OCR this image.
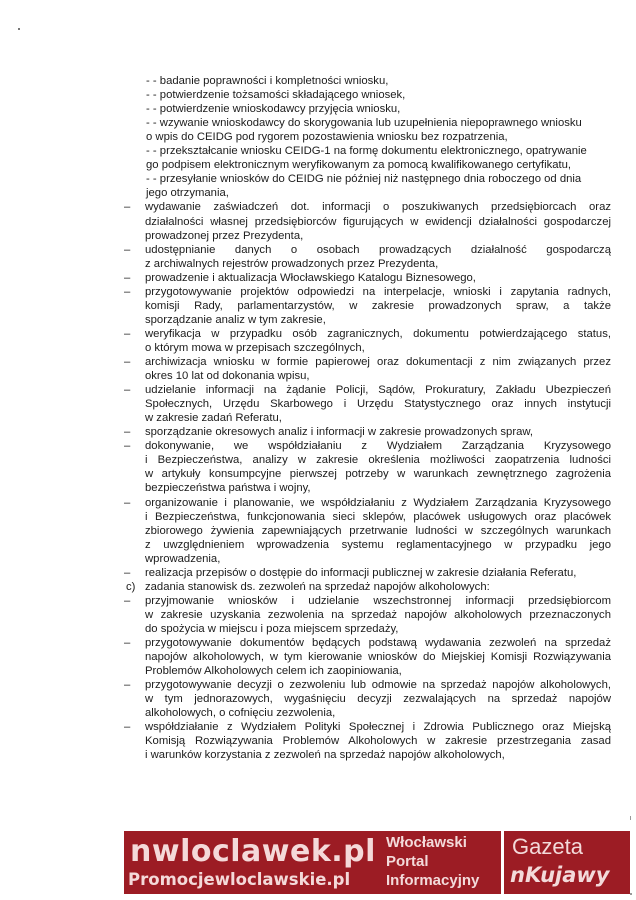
- - badanie poprawności i kompletności wniosku,
- - potwierdzenie tożsamości składającego wniosek,
- - potwierdzenie wnioskodawcy przyjęcia wniosku,
- - wzywanie wnioskodawcy do skorygowania lub uzupełnienia niepoprawnego wniosku
o wpis do CEIDG pod rygorem pozostawienia wniosku bez rozpatrzenia,
- - przekształcanie wniosku CEIDG-1 na formę dokumentu elektronicznego, opatrywanie
go podpisem elektronicznym weryfikowanym za pomocą kwalifikowanego certyfikatu,
- - przesyłanie wniosków do CEIDG nie później niż następnego dnia roboczego od dnia
jego otrzymania,
– wydawanie zaświadczeń dot. informacji o poszukiwanych przedsiębiorcach oraz
działalności własnej przedsiębiorców figurujących w ewidencji działalności gospodarczej
prowadzonej przez Prezydenta,
– udostępnianie danych o osobach prowadzących działalność gospodarczą
z archiwalnych rejestrów prowadzonych przez Prezydenta,
– prowadzenie i aktualizacja Włocławskiego Katalogu Biznesowego,
– przygotowywanie projektów odpowiedzi na interpelacje, wnioski i zapytania radnych,
komisji Rady, parlamentarzystów, w zakresie prowadzonych spraw, a także
sporządzanie analiz w tym zakresie,
– weryfikacja w przypadku osób zagranicznych, dokumentu potwierdzającego status,
o którym mowa w przepisach szczególnych,
– archiwizacja wniosku w formie papierowej oraz dokumentacji z nim związanych przez
okres 10 lat od dokonania wpisu,
– udzielanie informacji na żądanie Policji, Sądów, Prokuratury, Zakładu Ubezpieczeń
Społecznych, Urzędu Skarbowego i Urzędu Statystycznego oraz innych instytucji
w zakresie zadań Referatu,
– sporządzanie okresowych analiz i informacji w zakresie prowadzonych spraw,
– dokonywanie, we współdziałaniu z Wydziałem Zarządzania Kryzysowego
i Bezpieczeństwa, analizy w zakresie określenia możliwości zaopatrzenia ludności
w artykuły konsumpcyjne pierwszej potrzeby w warunkach zewnętrznego zagrożenia
bezpieczeństwa państwa i wojny,
– organizowanie i planowanie, we współdziałaniu z Wydziałem Zarządzania Kryzysowego
i Bezpieczeństwa, funkcjonowania sieci sklepów, placówek usługowych oraz placówek
zbiorowego żywienia zapewniających przetrwanie ludności w szczególnych warunkach
z uwzględnieniem wprowadzenia systemu reglamentacyjnego w przypadku jego
wprowadzenia,
– realizacja przepisów o dostępie do informacji publicznej w zakresie działania Referatu,
c) zadania stanowisk ds. zezwoleń na sprzedaż napojów alkoholowych:
– przyjmowanie wniosków i udzielanie wszechstronnej informacji przedsiębiorcom
w zakresie uzyskania zezwolenia na sprzedaż napojów alkoholowych przeznaczonych
do spożycia w miejscu i poza miejscem sprzedaży,
– przygotowywanie dokumentów będących podstawą wydawania zezwoleń na sprzedaż
napojów alkoholowych, w tym kierowanie wniosków do Miejskiej Komisji Rozwiązywania
Problemów Alkoholowych celem ich zaopiniowania,
– przygotowywanie decyzji o zezwoleniu lub odmowie na sprzedaż napojów alkoholowych,
w tym jednorazowych, wygaśnięciu decyzji zezwalających na sprzedaż napojów
alkoholowych, o cofnięciu zezwolenia,
– współdziałanie z Wydziałem Polityki Społecznej i Zdrowia Publicznego oraz Miejską
Komisją Rozwiązywania Problemów Alkoholowych w zakresie przestrzegania zasad
i warunków korzystania z zezwoleń na sprzedaż napojów alkoholowych,
nwloclawek.pl
Promocjewloclawskie.pl
Włocławski
Portal
Informacyjny
Gazeta
nKujawy
